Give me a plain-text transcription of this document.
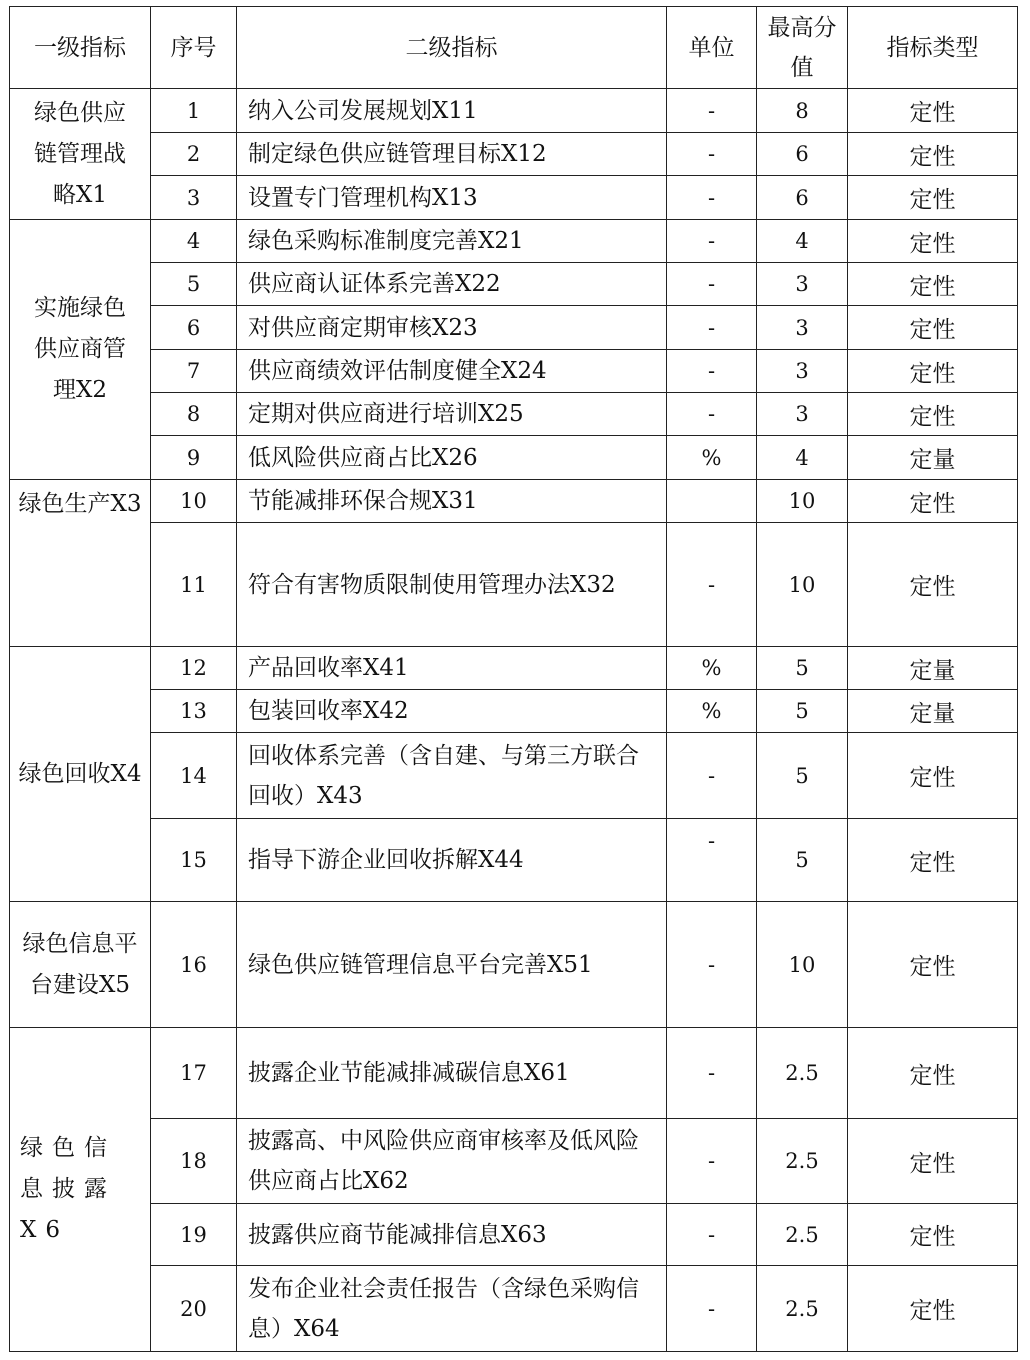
一级指标	序号	二级指标	单位	最高分值	指标类型
绿色供应链管理战略X1	1	纳入公司发展规划X11	-	8	定性
	2	制定绿色供应链管理目标X12	-	6	定性
	3	设置专门管理机构X13	-	6	定性
实施绿色供应商管理X2	4	绿色采购标准制度完善X21	-	4	定性
	5	供应商认证体系完善X22	-	3	定性
	6	对供应商定期审核X23	-	3	定性
	7	供应商绩效评估制度健全X24	-	3	定性
	8	定期对供应商进行培训X25	-	3	定性
	9	低风险供应商占比X26	%	4	定量
绿色生产X3	10	节能减排环保合规X31		10	定性
	11	符合有害物质限制使用管理办法X32	-	10	定性
绿色回收X4	12	产品回收率X41	%	5	定量
	13	包装回收率X42	%	5	定量
	14	回收体系完善（含自建、与第三方联合回收）X43	-	5	定性
	15	指导下游企业回收拆解X44	-	5	定性
绿色信息平台建设X5	16	绿色供应链管理信息平台完善X51	-	10	定性
绿色信息披露X6	17	披露企业节能减排减碳信息X61	-	2.5	定性
	18	披露高、中风险供应商审核率及低风险供应商占比X62	-	2.5	定性
	19	披露供应商节能减排信息X63	-	2.5	定性
	20	发布企业社会责任报告（含绿色采购信息）X64	-	2.5	定性
